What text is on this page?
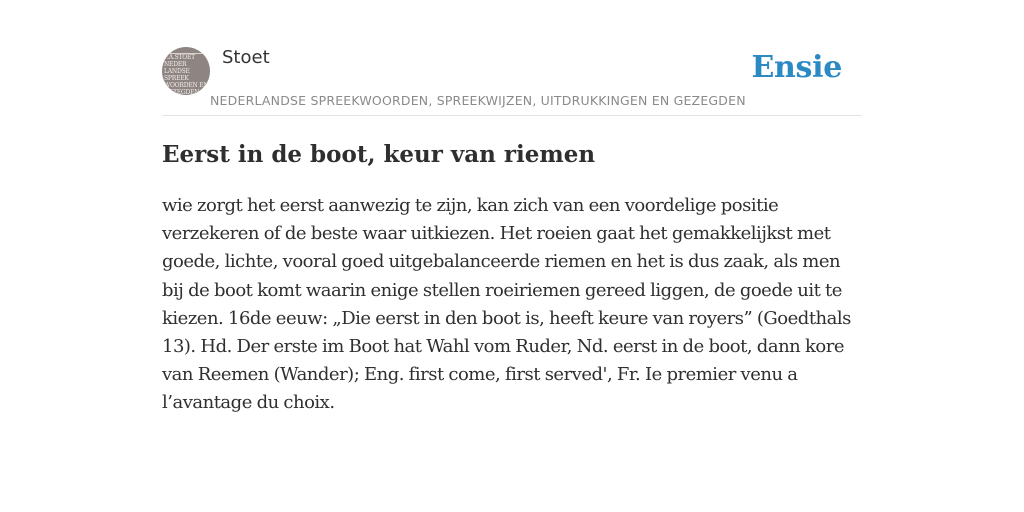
F.A.STOET
NEDER
LANDSE
SPREEK
WOORDEN EN
GEZEGDEN
Stoet
NEDERLANDSE SPREEKWOORDEN, SPREEKWIJZEN, UITDRUKKINGEN EN GEZEGDEN
Ensie
Eerst in de boot, keur van riemen

wie zorgt het eerst aanwezig te zijn, kan zich van een voordelige positie verzekeren of de beste waar uitkiezen. Het roeien gaat het gemakkelijkst met goede, lichte, vooral goed uitgebalanceerde riemen en het is dus zaak, als men bij de boot komt waarin enige stellen roeiriemen gereed liggen, de goede uit te kiezen. 16de eeuw: „Die eerst in den boot is, heeft keure van royers” (Goedthals 13). Hd. Der erste im Boot hat Wahl vom Ruder, Nd. eerst in de boot, dann kore van Reemen (Wander); Eng. first come, first served', Fr. Ie premier venu a l’avantage du choix.
